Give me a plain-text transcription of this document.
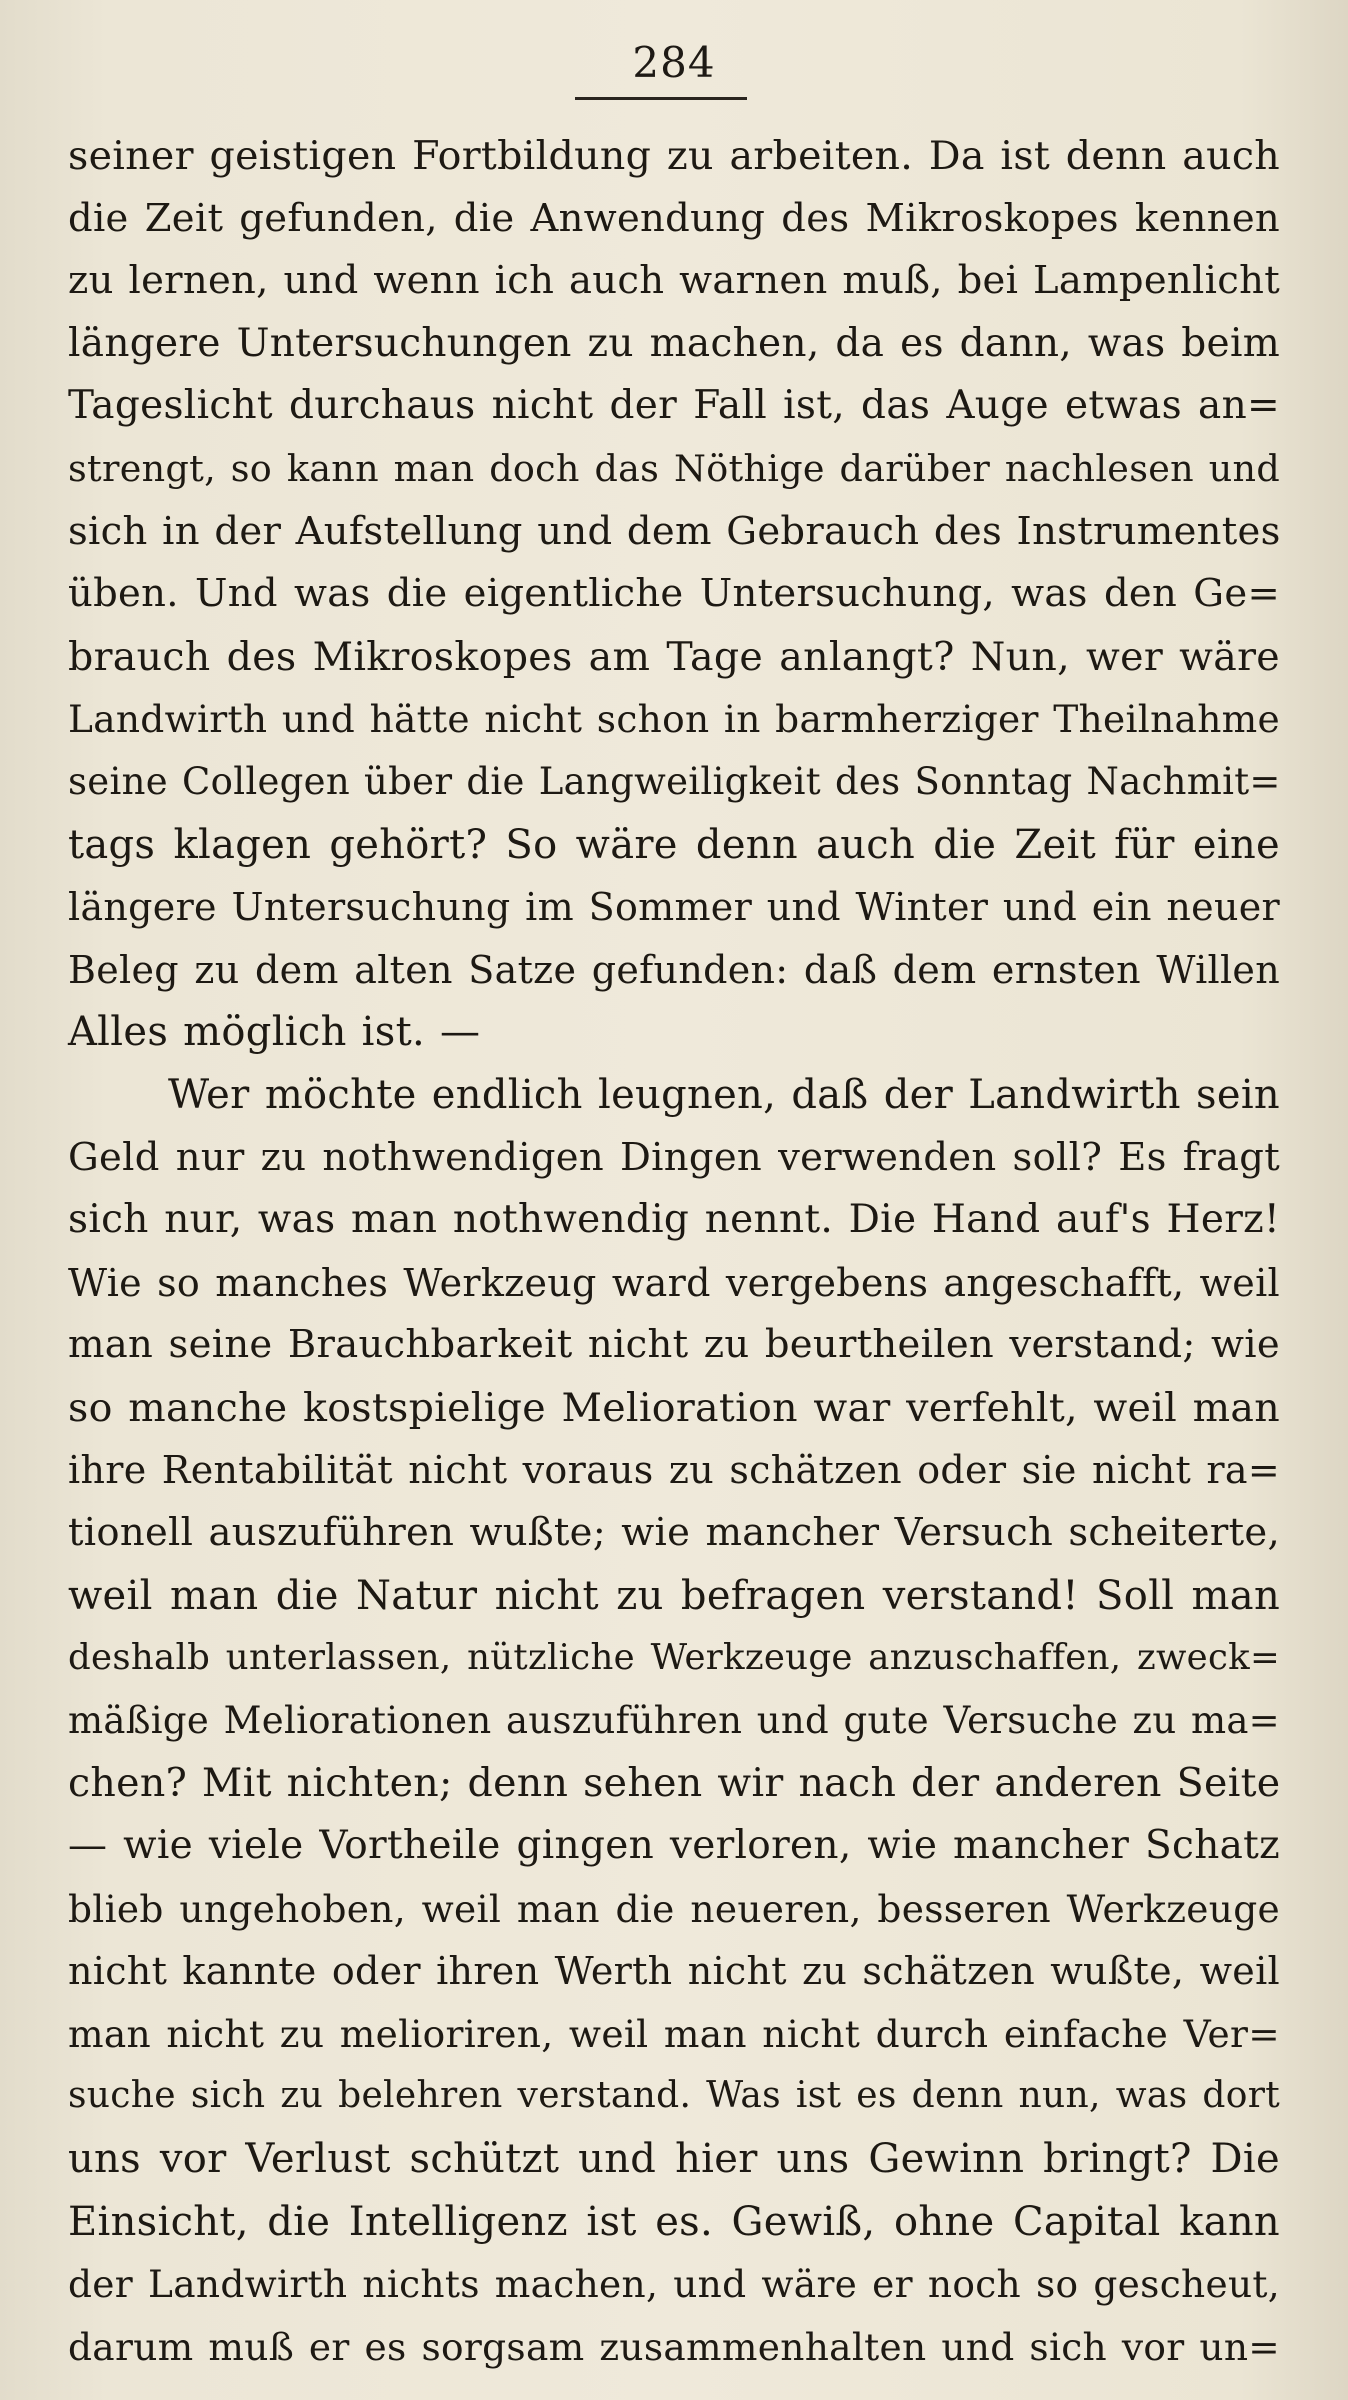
284
seiner geistigen Fortbildung zu arbeiten. Da ist denn auch
die Zeit gefunden, die Anwendung des Mikroskopes kennen
zu lernen, und wenn ich auch warnen muß, bei Lampenlicht
längere Untersuchungen zu machen, da es dann, was beim
Tageslicht durchaus nicht der Fall ist, das Auge etwas an=
strengt, so kann man doch das Nöthige darüber nachlesen und
sich in der Aufstellung und dem Gebrauch des Instrumentes
üben. Und was die eigentliche Untersuchung, was den Ge=
brauch des Mikroskopes am Tage anlangt? Nun, wer wäre
Landwirth und hätte nicht schon in barmherziger Theilnahme
seine Collegen über die Langweiligkeit des Sonntag Nachmit=
tags klagen gehört? So wäre denn auch die Zeit für eine
längere Untersuchung im Sommer und Winter und ein neuer
Beleg zu dem alten Satze gefunden: daß dem ernsten Willen
Alles möglich ist. —
Wer möchte endlich leugnen, daß der Landwirth sein
Geld nur zu nothwendigen Dingen verwenden soll? Es fragt
sich nur, was man nothwendig nennt. Die Hand auf's Herz!
Wie so manches Werkzeug ward vergebens angeschafft, weil
man seine Brauchbarkeit nicht zu beurtheilen verstand; wie
so manche kostspielige Melioration war verfehlt, weil man
ihre Rentabilität nicht voraus zu schätzen oder sie nicht ra=
tionell auszuführen wußte; wie mancher Versuch scheiterte,
weil man die Natur nicht zu befragen verstand! Soll man
deshalb unterlassen, nützliche Werkzeuge anzuschaffen, zweck=
mäßige Meliorationen auszuführen und gute Versuche zu ma=
chen? Mit nichten; denn sehen wir nach der anderen Seite
— wie viele Vortheile gingen verloren, wie mancher Schatz
blieb ungehoben, weil man die neueren, besseren Werkzeuge
nicht kannte oder ihren Werth nicht zu schätzen wußte, weil
man nicht zu melioriren, weil man nicht durch einfache Ver=
suche sich zu belehren verstand. Was ist es denn nun, was dort
uns vor Verlust schützt und hier uns Gewinn bringt? Die
Einsicht, die Intelligenz ist es. Gewiß, ohne Capital kann
der Landwirth nichts machen, und wäre er noch so gescheut,
darum muß er es sorgsam zusammenhalten und sich vor un=
